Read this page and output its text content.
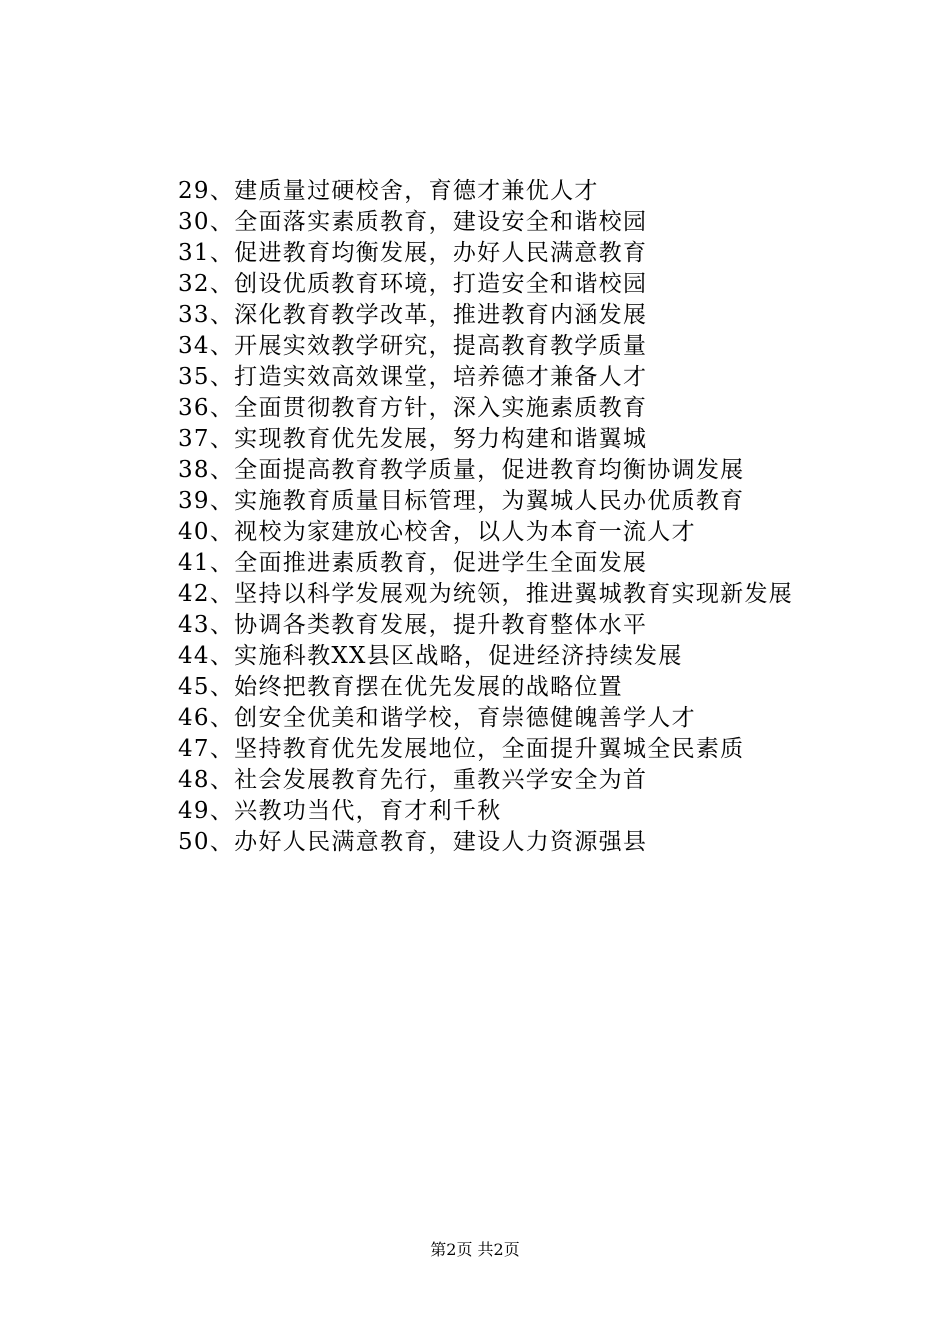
29、建质量过硬校舍，育德才兼优人才
30、全面落实素质教育，建设安全和谐校园
31、促进教育均衡发展，办好人民满意教育
32、创设优质教育环境，打造安全和谐校园
33、深化教育教学改革，推进教育内涵发展
34、开展实效教学研究，提高教育教学质量
35、打造实效高效课堂，培养德才兼备人才
36、全面贯彻教育方针，深入实施素质教育
37、实现教育优先发展，努力构建和谐翼城
38、全面提高教育教学质量，促进教育均衡协调发展
39、实施教育质量目标管理，为翼城人民办优质教育
40、视校为家建放心校舍，以人为本育一流人才
41、全面推进素质教育，促进学生全面发展
42、坚持以科学发展观为统领，推进翼城教育实现新发展
43、协调各类教育发展，提升教育整体水平
44、实施科教XX县区战略，促进经济持续发展
45、始终把教育摆在优先发展的战略位置
46、创安全优美和谐学校，育崇德健魄善学人才
47、坚持教育优先发展地位，全面提升翼城全民素质
48、社会发展教育先行，重教兴学安全为首
49、兴教功当代，育才利千秋
50、办好人民满意教育，建设人力资源强县
第2页 共2页
